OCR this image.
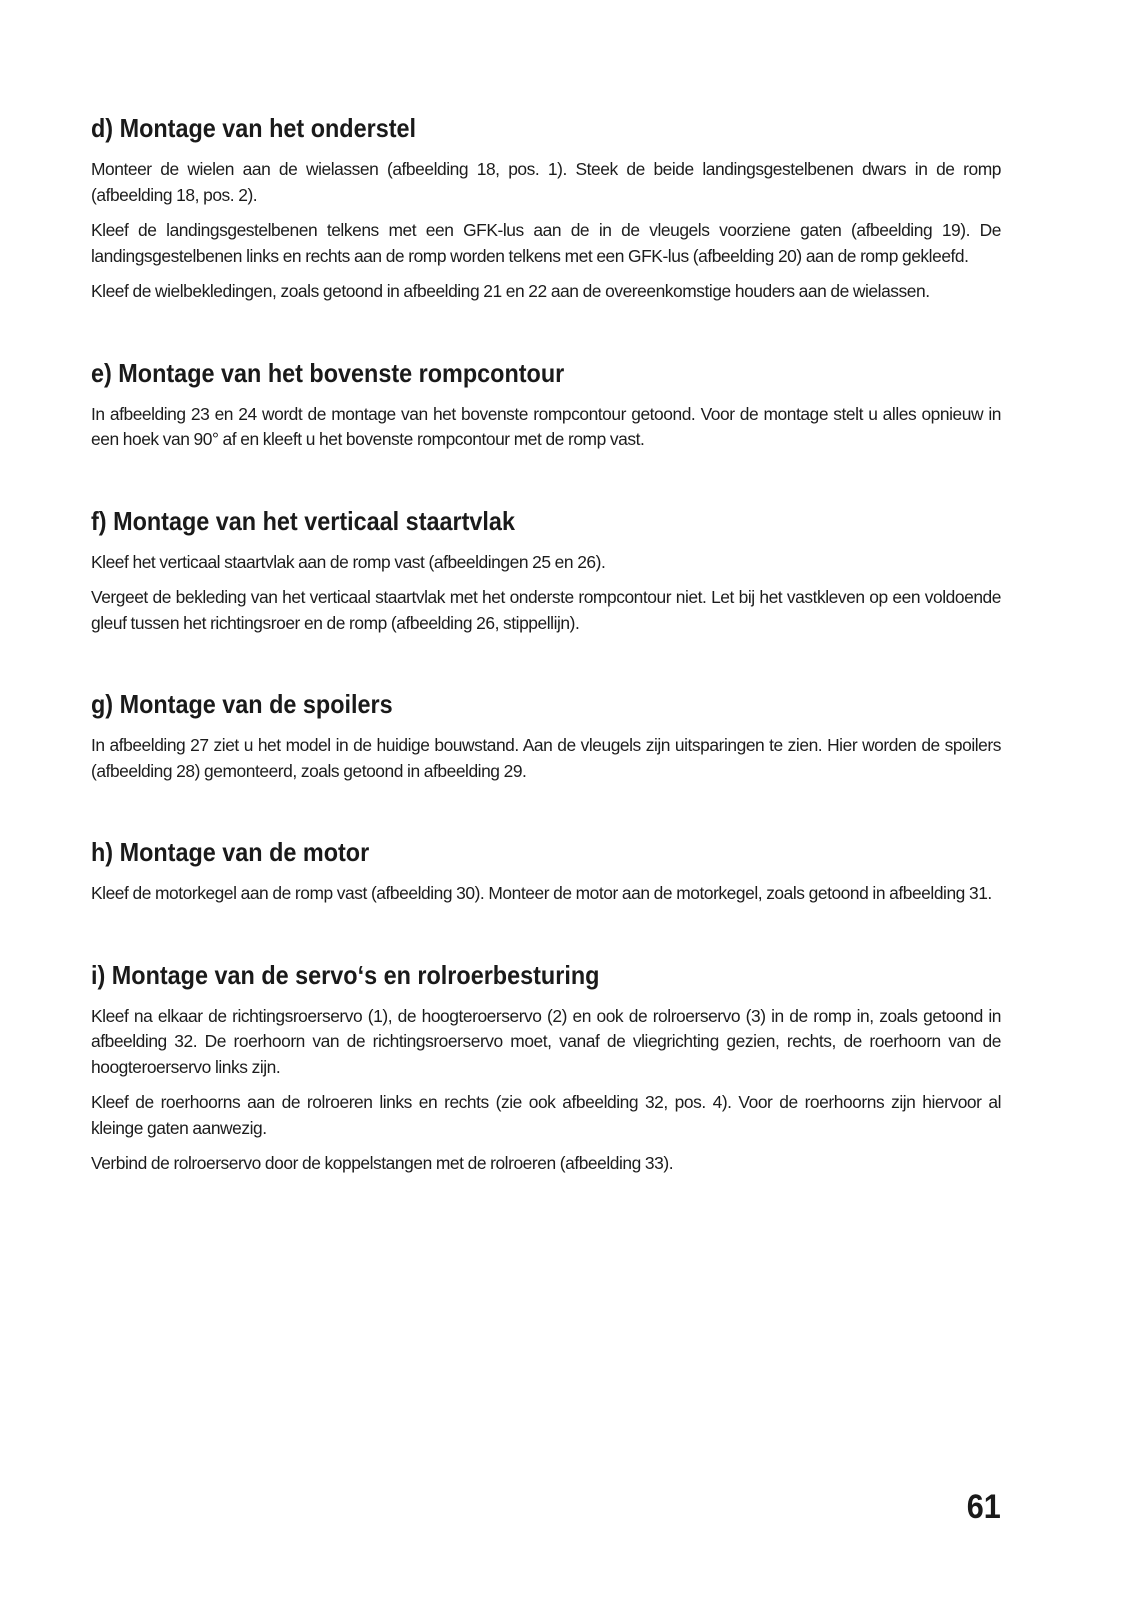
d) Montage van het onderstel

Monteer de wielen aan de wielassen (afbeelding 18, pos. 1). Steek de beide landingsgestelbenen dwars in de romp (afbeelding 18, pos. 2).

Kleef de landingsgestelbenen telkens met een GFK-lus aan de in de vleugels voorziene gaten (afbeelding 19). De landingsgestelbenen links en rechts aan de romp worden telkens met een GFK-lus (afbeelding 20) aan de romp gekleefd.

Kleef de wielbekledingen, zoals getoond in afbeelding 21 en 22 aan de overeenkomstige houders aan de wielassen.

e) Montage van het bovenste rompcontour

In afbeelding 23 en 24 wordt de montage van het bovenste rompcontour getoond. Voor de montage stelt u alles opnieuw in een hoek van 90° af en kleeft u het bovenste rompcontour met de romp vast.

f) Montage van het verticaal staartvlak

Kleef het verticaal staartvlak aan de romp vast (afbeeldingen 25 en 26).

Vergeet de bekleding van het verticaal staartvlak met het onderste rompcontour niet. Let bij het vastkleven op een voldoende gleuf tussen het richtingsroer en de romp (afbeelding 26, stippellijn).

g) Montage van de spoilers

In afbeelding 27 ziet u het model in de huidige bouwstand. Aan de vleugels zijn uitsparingen te zien. Hier worden de spoilers (afbeelding 28) gemonteerd, zoals getoond in afbeelding 29.

h) Montage van de motor

Kleef de motorkegel aan de romp vast (afbeelding 30). Monteer de motor aan de motorkegel, zoals getoond in afbeelding 31.

i) Montage van de servo‘s en rolroerbesturing

Kleef na elkaar de richtingsroerservo (1), de hoogteroerservo (2) en ook de rolroerservo (3) in de romp in, zoals getoond in afbeelding 32. De roerhoorn van de richtingsroerservo moet, vanaf de vliegrichting gezien, rechts, de roerhoorn van de hoogteroerservo links zijn.

Kleef de roerhoorns aan de rolroeren links en rechts (zie ook afbeelding 32, pos. 4). Voor de roerhoorns zijn hiervoor al kleinge gaten aanwezig.

Verbind de rolroerservo door de koppelstangen met de rolroeren (afbeelding 33).

61
